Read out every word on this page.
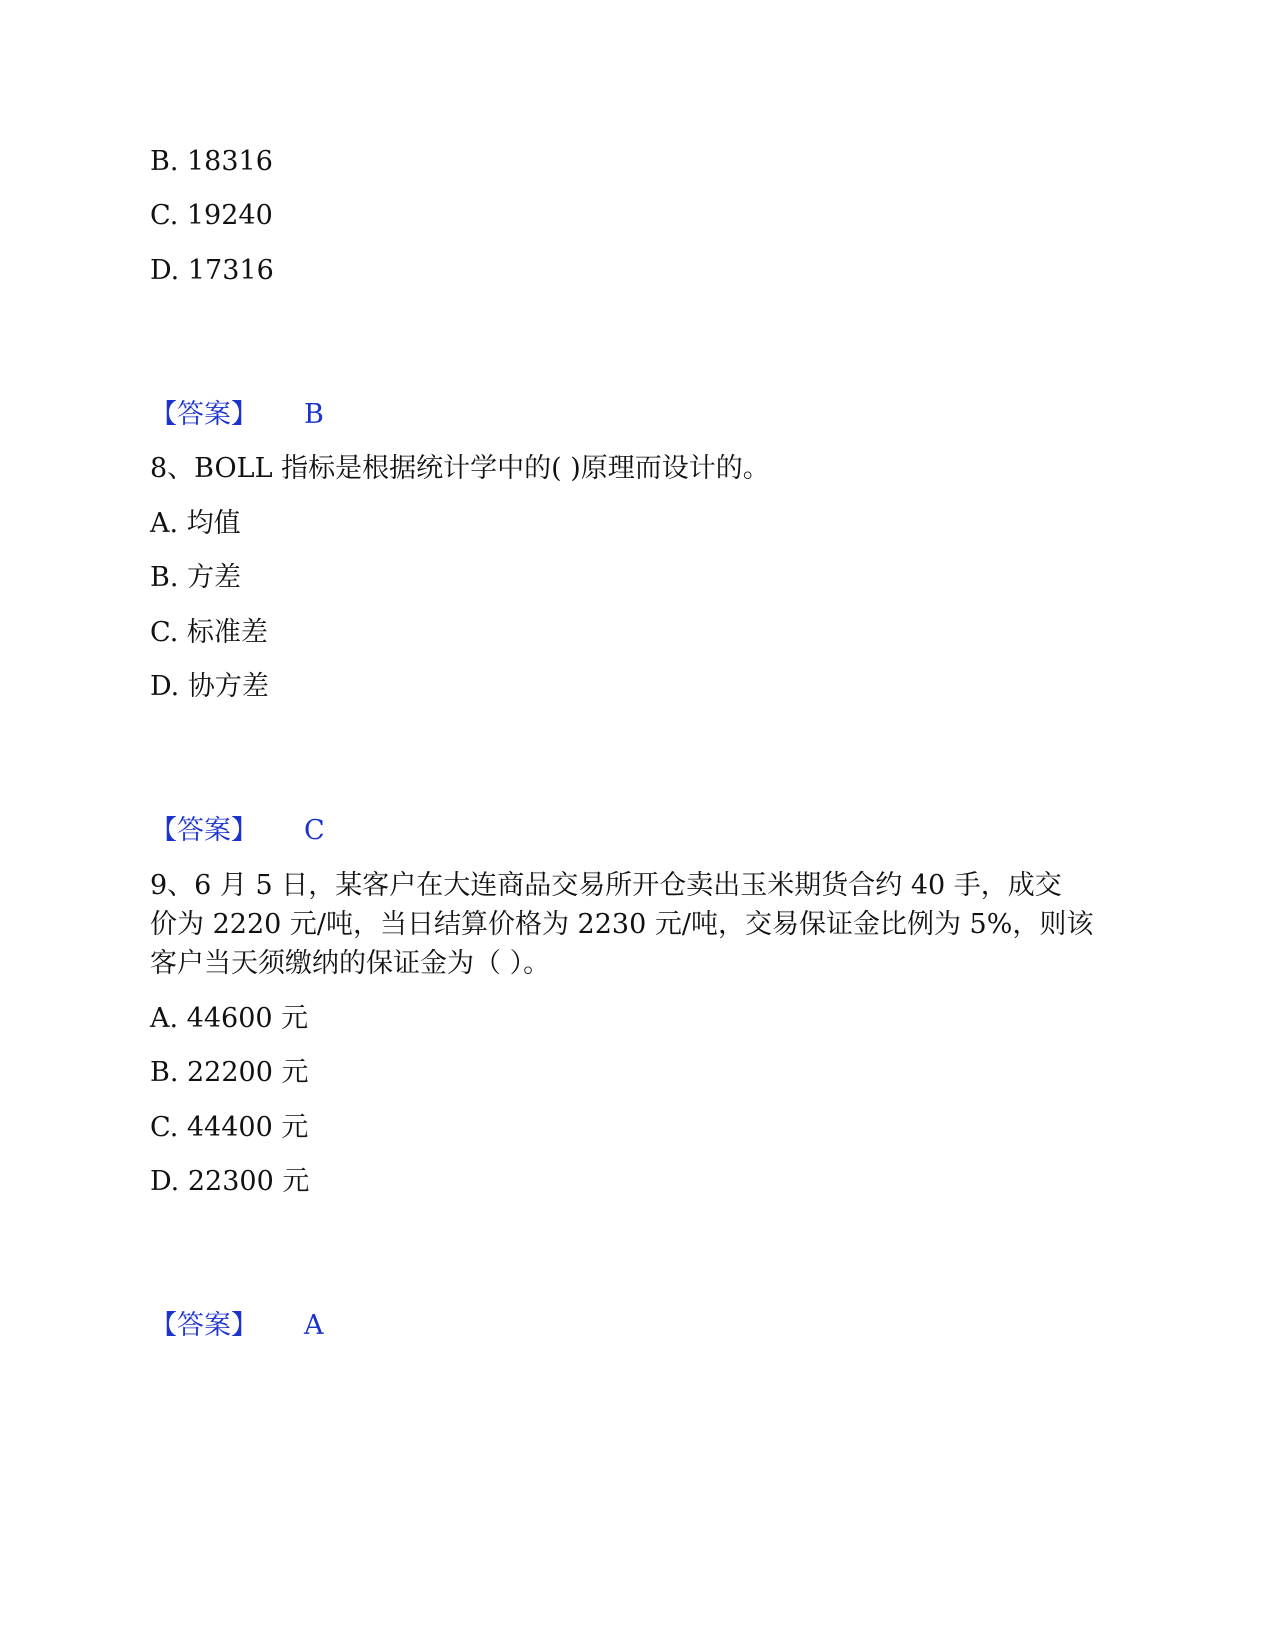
B. 18316
C. 19240
D. 17316
【答案】 B
8、BOLL 指标是根据统计学中的( )原理而设计的。
A. 均值
B. 方差
C. 标准差
D. 协方差
【答案】 C
9、6 月 5 日，某客户在大连商品交易所开仓卖出玉米期货合约 40 手，成交
价为 2220 元/吨，当日结算价格为 2230 元/吨，交易保证金比例为 5%，则该
客户当天须缴纳的保证金为（ ）。
A. 44600 元
B. 22200 元
C. 44400 元
D. 22300 元
【答案】 A
